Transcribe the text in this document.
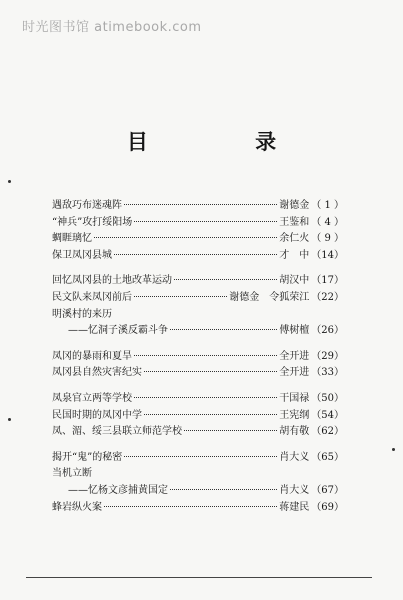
时光图书馆 atimebook.com
目 录
遇敌巧布迷魂阵	谢德金 （ 1 ）
“神兵”攻打绥阳场	王鉴和 （ 4 ）
蜩睚璃忆	余仁火 （ 9 ）
保卫凤冈县城	才　中 （14）
回忆凤冈县的土地改革运动	胡汉中 （17）
民文队来凤冈前后	谢德金　令狐荣江 （22）
明溪村的来历
——忆洞子溪反霸斗争	傅树檀 （26）
凤冈的暴雨和夏旱	全开进 （29）
凤冈县自然灾害纪实	全开进 （33）
凤泉官立两等学校	干国禄 （50）
民国时期的凤冈中学	王宪纲 （54）
凤、湄、绥三县联立师范学校	胡有敬 （62）
揭开“鬼”的秘密	肖大义 （65）
当机立断
——忆杨文彦捕黄国定	肖大义 （67）
蜂岩纵火案	蒋建民 （69）
